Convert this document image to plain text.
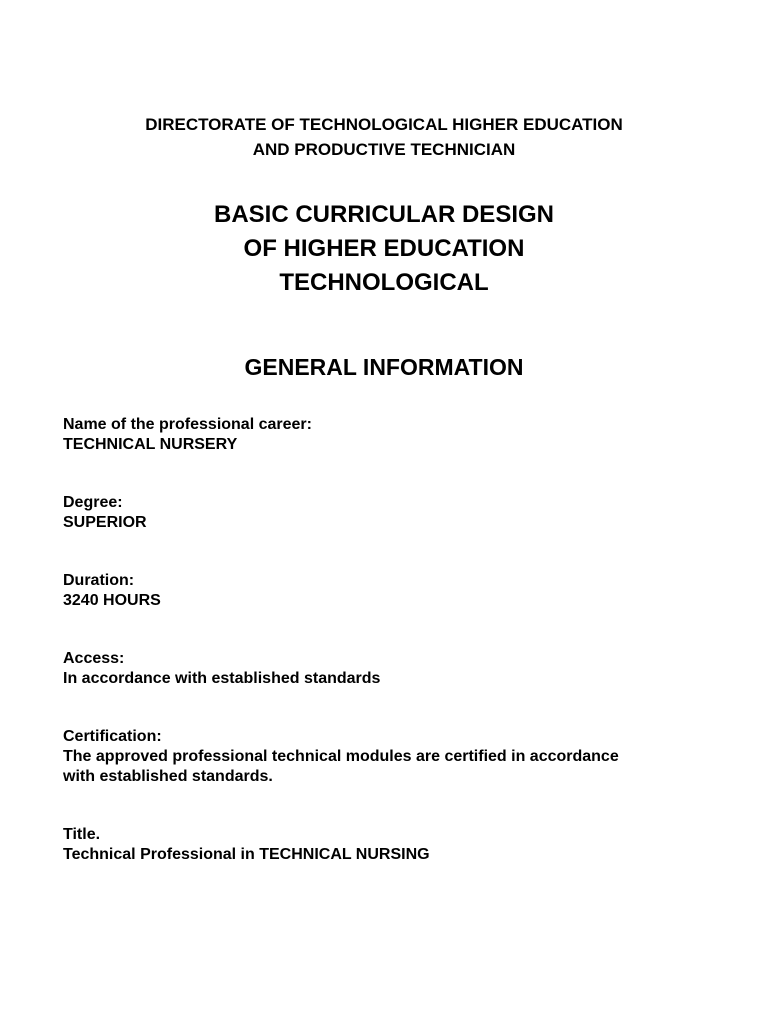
DIRECTORATE OF TECHNOLOGICAL HIGHER EDUCATION
AND PRODUCTIVE TECHNICIAN
BASIC CURRICULAR DESIGN
OF HIGHER EDUCATION
TECHNOLOGICAL
GENERAL INFORMATION
Name of the professional career:
TECHNICAL NURSERY
Degree:
SUPERIOR
Duration:
3240 HOURS
Access:
In accordance with established standards
Certification:
The approved professional technical modules are certified in accordance
with established standards.
Title.
Technical Professional in TECHNICAL NURSING
